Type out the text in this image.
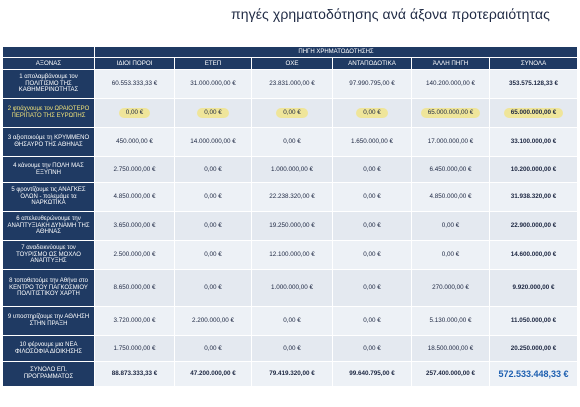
πηγές χρηματοδότησης ανά άξονα προτεραιότητας
	ΠΗΓΗ ΧΡΗΜΑΤΟΔΟΤΗΣΗΣ					
ΑΞΟΝΑΣ	ΙΔΙΟΙ ΠΟΡΟΙ	ΕΤΕΠ	ΟΧΕ	ΑΝΤΑΠΟΔΟΤΙΚΑ	ΆΛΛΗ ΠΗΓΗ	ΣΥΝΟΛΑ
1 απολαμβάνουμε τον ΠΟΛΙΤΙΣΜΟ ΤΗΣ ΚΑΘΗΜΕΡΙΝΟΤΗΤΑΣ	60.553.333,33 €	31.000.000,00 €	23.831.000,00 €	97.990.795,00 €	140.200.000,00 €	353.575.128,33 €
2 φτιάχνουμε τον ΩΡΑΙΟΤΕΡΟ ΠΕΡΙΠΑΤΟ ΤΗΣ ΕΥΡΩΠΗΣ	0,00 €	0,00 €	0,00 €	0,00 €	65.000.000,00 €	65.000.000,00 €
3 αξιοποιούμε τη ΚΡΥΜΜΕΝΟ ΘΗΣΑΥΡΟ ΤΗΣ ΑΘΗΝΑΣ	450.000,00 €	14.000.000,00 €	0,00 €	1.650.000,00 €	17.000.000,00 €	33.100.000,00 €
4 κάνουμε την ΠΟΛΗ ΜΑΣ ΕΞΥΠΝΗ	2.750.000,00 €	0,00 €	1.000.000,00 €	0,00 €	6.450.000,00 €	10.200.000,00 €
5 φροντίζουμε τις ΑΝΑΓΚΕΣ ΟΛΩΝ - πολεμάμε τα ΝΑΡΚΩΤΙΚΑ	4.850.000,00 €	0,00 €	22.238.320,00 €	0,00 €	4.850.000,00 €	31.938.320,00 €
6 απελευθερώνουμε την ΑΝΑΠΤΥΞΙΑΚΗ ΔΥΝΑΜΗ ΤΗΣ ΑΘΗΝΑΣ	3.650.000,00 €	0,00 €	19.250.000,00 €	0,00 €	0,00 €	22.900.000,00 €
7 αναδεικνύουμε τον ΤΟΥΡΙΣΜΟ ΩΣ ΜΟΧΛΟ ΑΝΑΠΤΥΞΗΣ	2.500.000,00 €	0,00 €	12.100.000,00 €	0,00 €	0,00 €	14.600.000,00 €
8 τοποθετούμε την Αθήνα στο ΚΕΝΤΡΟ ΤΟΥ ΠΑΓΚΟΣΜΙΟΥ ΠΟΛΙΤΙΣΤΙΚΟΥ ΧΑΡΤΗ	8.650.000,00 €	0,00 €	1.000.000,00 €	0,00 €	270.000,00 €	9.920.000,00 €
9 υποστηρίζουμε την ΑΘΛΗΣΗ ΣΤΗΝ ΠΡΑΞΗ	3.720.000,00 €	2.200.000,00 €	0,00 €	0,00 €	5.130.000,00 €	11.050.000,00 €
10 φέρνουμε μια ΝΕΑ ΦΙΛΟΣΟΦΙΑ ΔΙΟΙΚΗΣΗΣ	1.750.000,00 €	0,00 €	0,00 €	0,00 €	18.500.000,00 €	20.250.000,00 €
ΣΥΝΟΛΟ ΕΠ. ΠΡΟΓΡΑΜΜΑΤΟΣ	88.873.333,33 €	47.200.000,00 €	79.419.320,00 €	99.640.795,00 €	257.400.000,00 €	572.533.448,33 €
